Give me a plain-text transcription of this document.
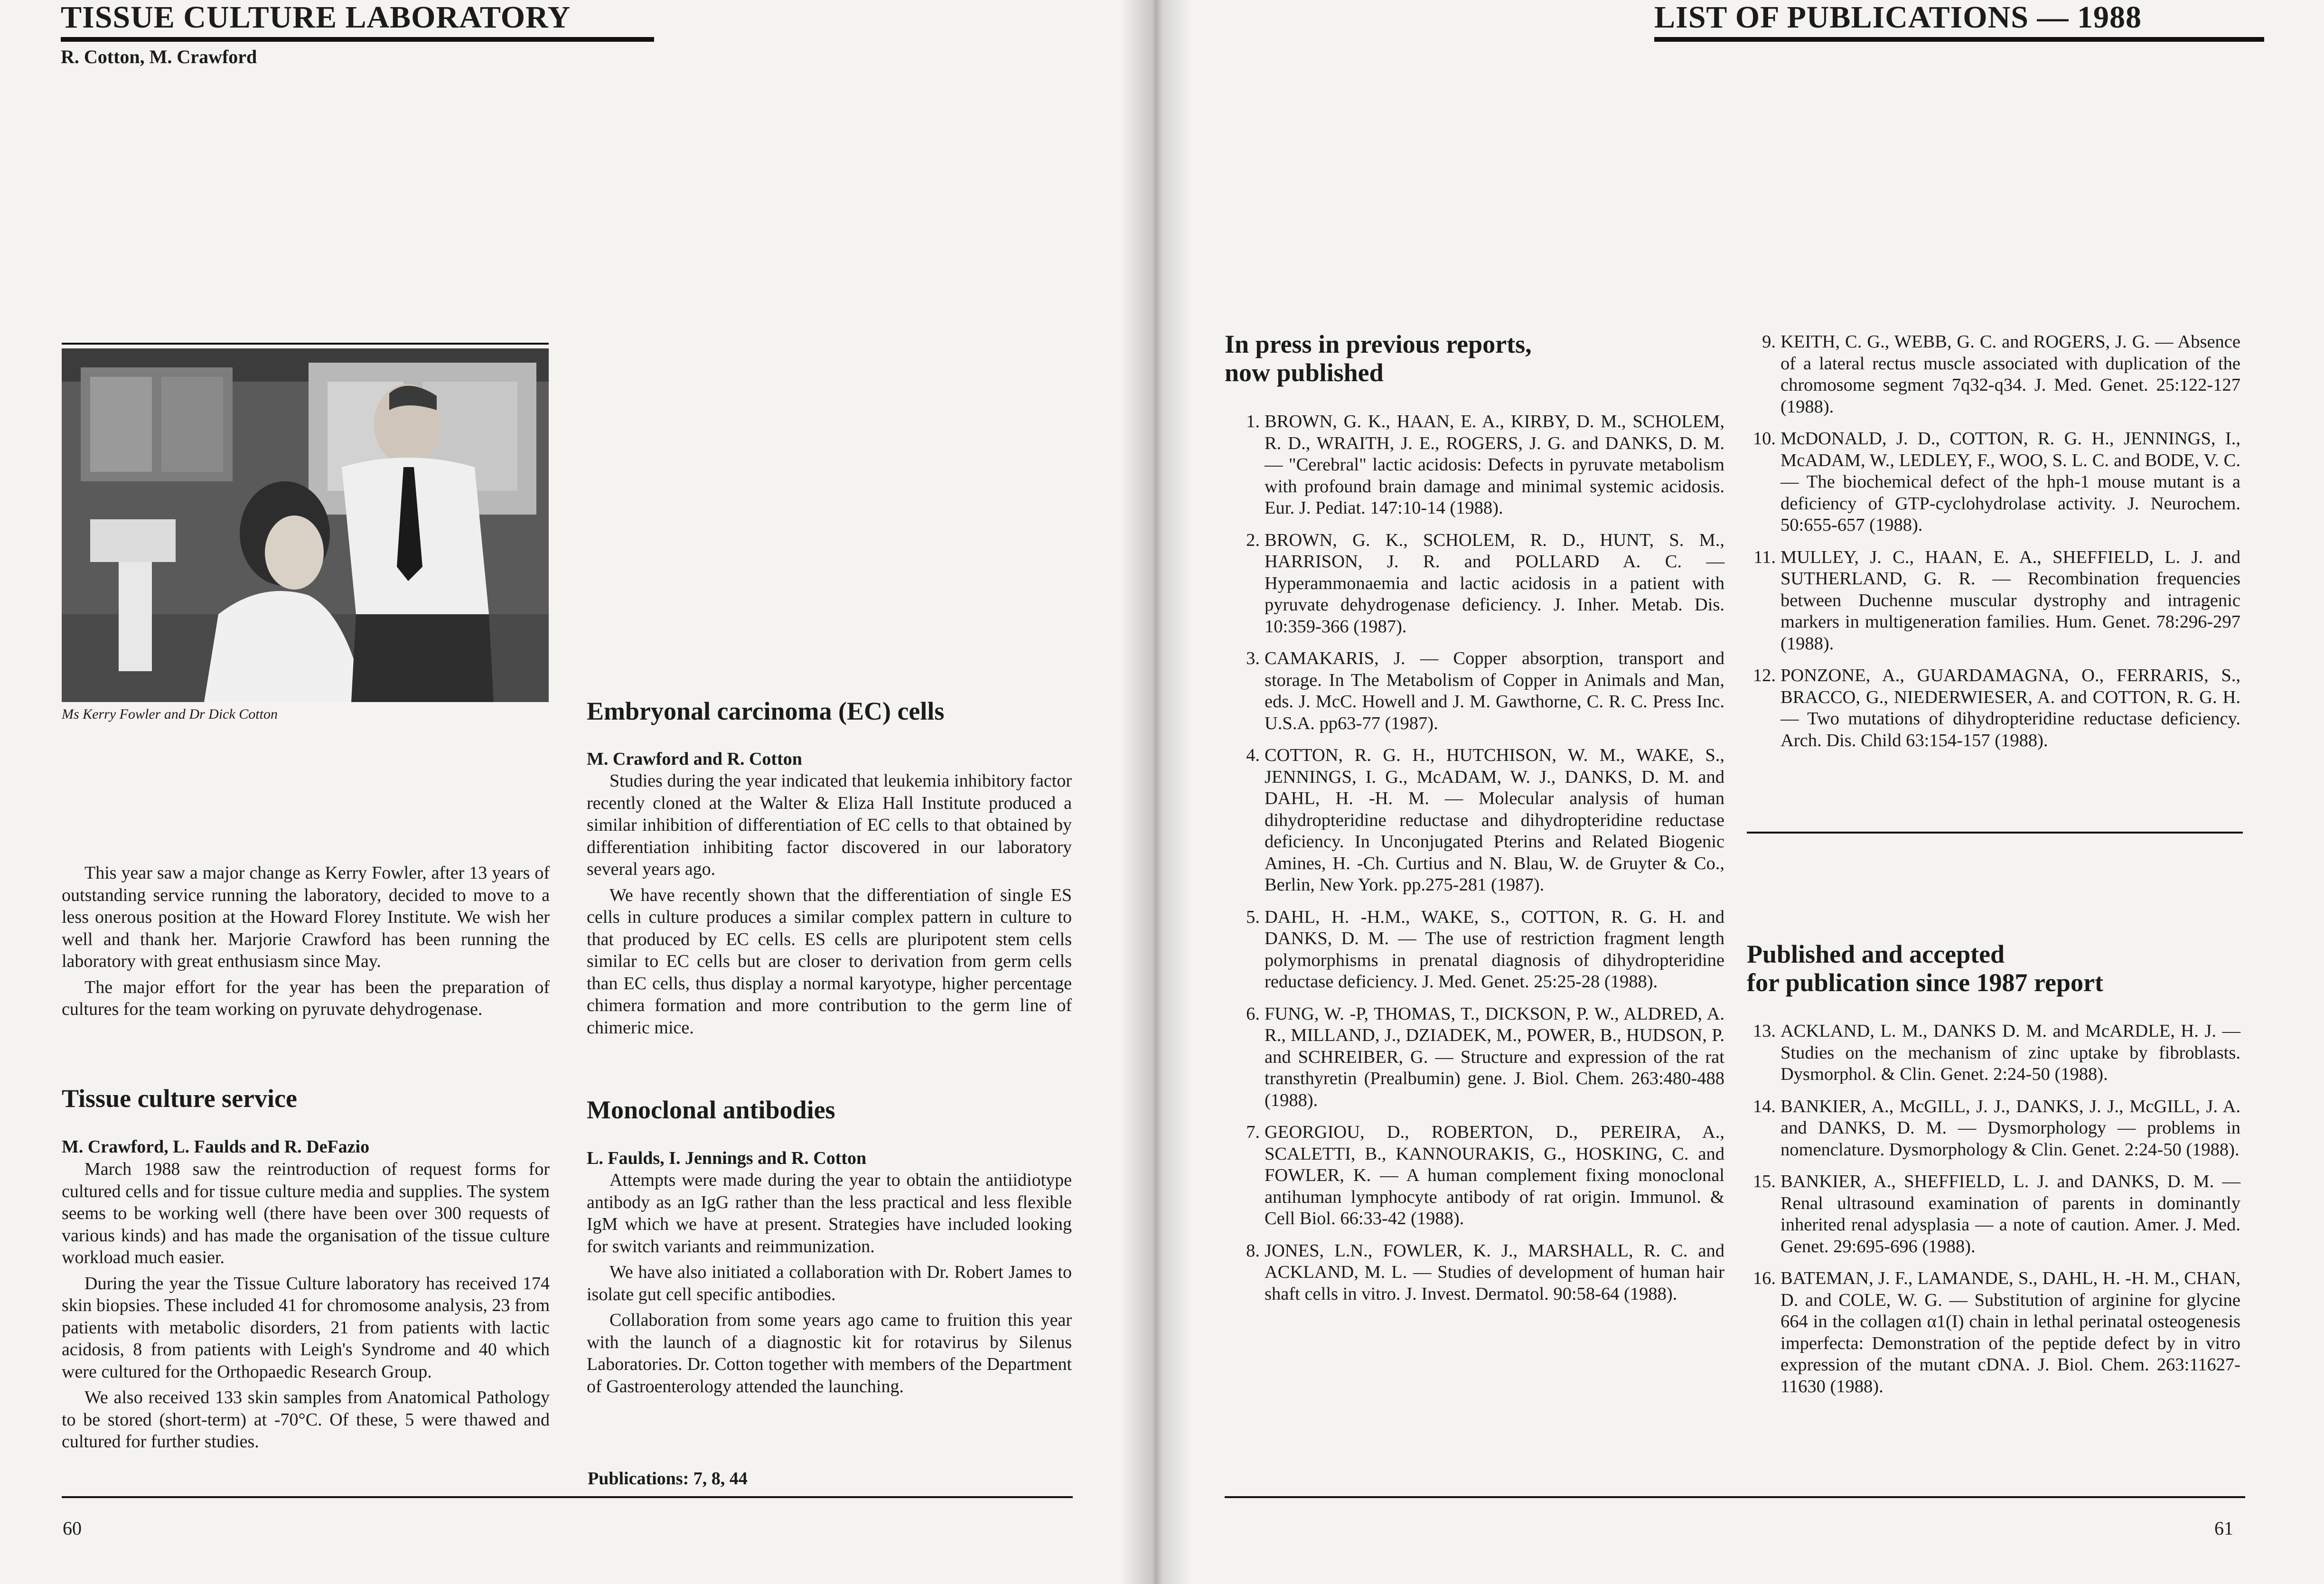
TISSUE CULTURE LABORATORY
R. Cotton, M. Crawford
Ms Kerry Fowler and Dr Dick Cotton

This year saw a major change as Kerry Fowler, after 13 years of outstanding service running the laboratory, decided to move to a less onerous position at the Howard Florey Institute. We wish her well and thank her. Marjorie Crawford has been running the laboratory with great enthusiasm since May.

The major effort for the year has been the preparation of cultures for the team working on pyruvate dehydrogenase.

Tissue culture service
M. Crawford, L. Faulds and R. DeFazio

March 1988 saw the reintroduction of request forms for cultured cells and for tissue culture media and supplies. The system seems to be working well (there have been over 300 requests of various kinds) and has made the organisation of the tissue culture workload much easier.

During the year the Tissue Culture laboratory has received 174 skin biopsies. These included 41 for chromosome analysis, 23 from patients with metabolic disorders, 21 from patients with lactic acidosis, 8 from patients with Leigh's Syndrome and 40 which were cultured for the Orthopaedic Research Group.

We also received 133 skin samples from Anatomical Pathology to be stored (short-term) at -70°C. Of these, 5 were thawed and cultured for further studies.

Embryonal carcinoma (EC) cells
M. Crawford and R. Cotton

Studies during the year indicated that leukemia inhibitory factor recently cloned at the Walter & Eliza Hall Institute produced a similar inhibition of differentiation of EC cells to that obtained by differentiation inhibiting factor discovered in our laboratory several years ago.

We have recently shown that the differentiation of single ES cells in culture produces a similar complex pattern in culture to that produced by EC cells. ES cells are pluripotent stem cells similar to EC cells but are closer to derivation from germ cells than EC cells, thus display a normal karyotype, higher percentage chimera formation and more contribution to the germ line of chimeric mice.

Monoclonal antibodies
L. Faulds, I. Jennings and R. Cotton

Attempts were made during the year to obtain the antiidiotype antibody as an IgG rather than the less practical and less flexible IgM which we have at present. Strategies have included looking for switch variants and reimmunization.

We have also initiated a collaboration with Dr. Robert James to isolate gut cell specific antibodies.

Collaboration from some years ago came to fruition this year with the launch of a diagnostic kit for rotavirus by Silenus Laboratories. Dr. Cotton together with members of the Department of Gastroenterology attended the launching.

Publications: 7, 8, 44
60
LIST OF PUBLICATIONS — 1988
In press in previous reports,
now published
1. BROWN, G. K., HAAN, E. A., KIRBY, D. M., SCHOLEM, R. D., WRAITH, J. E., ROGERS, J. G. and DANKS, D. M. — "Cerebral" lactic acidosis: Defects in pyruvate metabolism with profound brain damage and minimal systemic acidosis. Eur. J. Pediat. 147:10-14 (1988).
2. BROWN, G. K., SCHOLEM, R. D., HUNT, S. M., HARRISON, J. R. and POLLARD A. C. — Hyperammonaemia and lactic acidosis in a patient with pyruvate dehydrogenase deficiency. J. Inher. Metab. Dis. 10:359-366 (1987).
3. CAMAKARIS, J. — Copper absorption, transport and storage. In The Metabolism of Copper in Animals and Man, eds. J. McC. Howell and J. M. Gawthorne, C. R. C. Press Inc. U.S.A. pp63-77 (1987).
4. COTTON, R. G. H., HUTCHISON, W. M., WAKE, S., JENNINGS, I. G., McADAM, W. J., DANKS, D. M. and DAHL, H. -H. M. — Molecular analysis of human dihydropteridine reductase and dihydropteridine reductase deficiency. In Unconjugated Pterins and Related Biogenic Amines, H. -Ch. Curtius and N. Blau, W. de Gruyter & Co., Berlin, New York. pp.275-281 (1987).
5. DAHL, H. -H.M., WAKE, S., COTTON, R. G. H. and DANKS, D. M. — The use of restriction fragment length polymorphisms in prenatal diagnosis of dihydropteridine reductase deficiency. J. Med. Genet. 25:25-28 (1988).
6. FUNG, W. -P, THOMAS, T., DICKSON, P. W., ALDRED, A. R., MILLAND, J., DZIADEK, M., POWER, B., HUDSON, P. and SCHREIBER, G. — Structure and expression of the rat transthyretin (Prealbumin) gene. J. Biol. Chem. 263:480-488 (1988).
7. GEORGIOU, D., ROBERTON, D., PEREIRA, A., SCALETTI, B., KANNOURAKIS, G., HOSKING, C. and FOWLER, K. — A human complement fixing monoclonal antihuman lymphocyte antibody of rat origin. Immunol. & Cell Biol. 66:33-42 (1988).
8. JONES, L.N., FOWLER, K. J., MARSHALL, R. C. and ACKLAND, M. L. — Studies of development of human hair shaft cells in vitro. J. Invest. Dermatol. 90:58-64 (1988).
9. KEITH, C. G., WEBB, G. C. and ROGERS, J. G. — Absence of a lateral rectus muscle associated with duplication of the chromosome segment 7q32-q34. J. Med. Genet. 25:122-127 (1988).
10. McDONALD, J. D., COTTON, R. G. H., JENNINGS, I., McADAM, W., LEDLEY, F., WOO, S. L. C. and BODE, V. C. — The biochemical defect of the hph-1 mouse mutant is a deficiency of GTP-cyclohydrolase activity. J. Neurochem. 50:655-657 (1988).
11. MULLEY, J. C., HAAN, E. A., SHEFFIELD, L. J. and SUTHERLAND, G. R. — Recombination frequencies between Duchenne muscular dystrophy and intragenic markers in multigeneration families. Hum. Genet. 78:296-297 (1988).
12. PONZONE, A., GUARDAMAGNA, O., FERRARIS, S., BRACCO, G., NIEDERWIESER, A. and COTTON, R. G. H. — Two mutations of dihydropteridine reductase deficiency. Arch. Dis. Child 63:154-157 (1988).
Published and accepted
for publication since 1987 report
13. ACKLAND, L. M., DANKS D. M. and McARDLE, H. J. — Studies on the mechanism of zinc uptake by fibroblasts. Dysmorphol. & Clin. Genet. 2:24-50 (1988).
14. BANKIER, A., McGILL, J. J., DANKS, J. J., McGILL, J. A. and DANKS, D. M. — Dysmorphology — problems in nomenclature. Dysmorphology & Clin. Genet. 2:24-50 (1988).
15. BANKIER, A., SHEFFIELD, L. J. and DANKS, D. M. — Renal ultrasound examination of parents in dominantly inherited renal adysplasia — a note of caution. Amer. J. Med. Genet. 29:695-696 (1988).
16. BATEMAN, J. F., LAMANDE, S., DAHL, H. -H. M., CHAN, D. and COLE, W. G. — Substitution of arginine for glycine 664 in the collagen α1(I) chain in lethal perinatal osteogenesis imperfecta: Demonstration of the peptide defect by in vitro expression of the mutant cDNA. J. Biol. Chem. 263:11627-11630 (1988).
61
